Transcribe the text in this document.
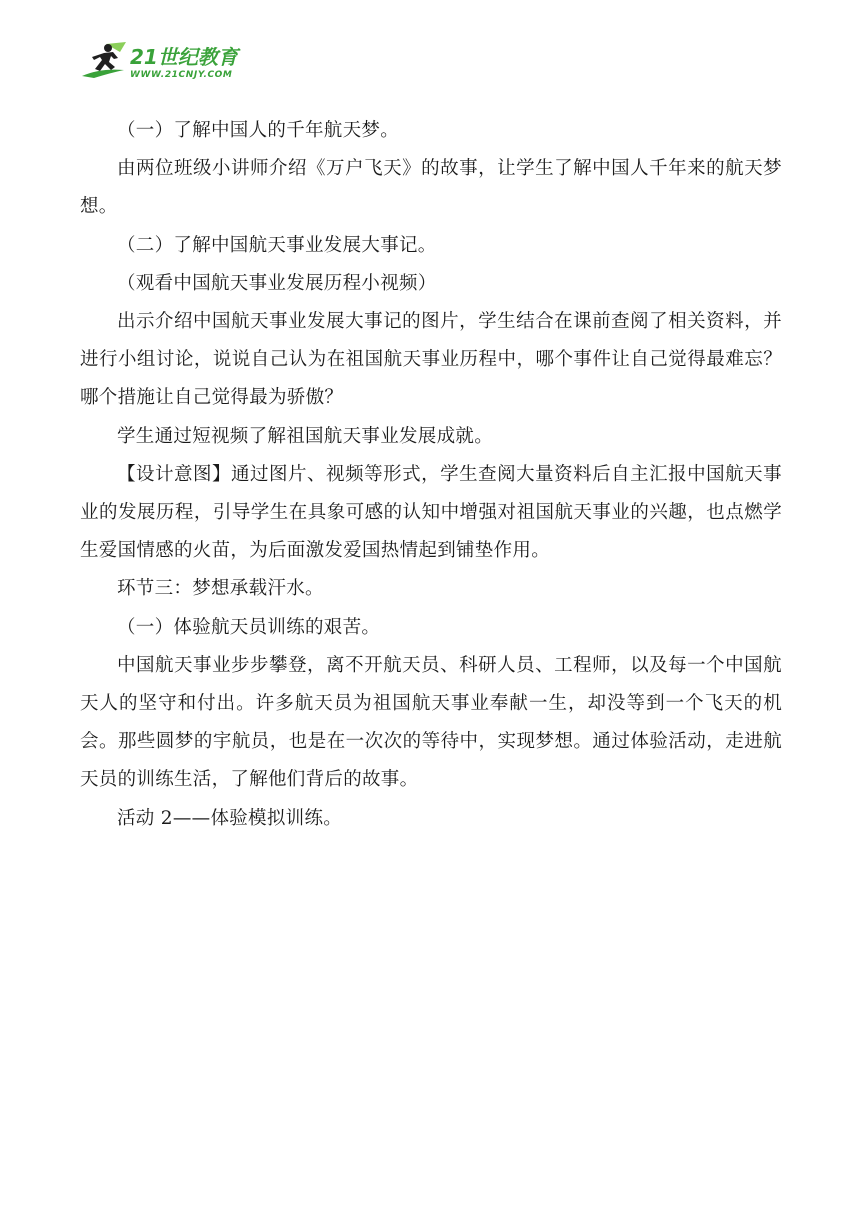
21世纪教育
WWW.21CNJY.COM

（一）了解中国人的千年航天梦。

由两位班级小讲师介绍《万户飞天》的故事，让学生了解中国人千年来的航天梦想。

（二）了解中国航天事业发展大事记。

（观看中国航天事业发展历程小视频）

出示介绍中国航天事业发展大事记的图片，学生结合在课前查阅了相关资料，并进行小组讨论，说说自己认为在祖国航天事业历程中，哪个事件让自己觉得最难忘？哪个措施让自己觉得最为骄傲？

学生通过短视频了解祖国航天事业发展成就。

【设计意图】通过图片、视频等形式，学生查阅大量资料后自主汇报中国航天事业的发展历程，引导学生在具象可感的认知中增强对祖国航天事业的兴趣，也点燃学生爱国情感的火苗，为后面激发爱国热情起到铺垫作用。

环节三：梦想承载汗水。

（一）体验航天员训练的艰苦。

中国航天事业步步攀登，离不开航天员、科研人员、工程师，以及每一个中国航天人的坚守和付出。许多航天员为祖国航天事业奉献一生，却没等到一个飞天的机会。那些圆梦的宇航员，也是在一次次的等待中，实现梦想。通过体验活动，走进航天员的训练生活，了解他们背后的故事。

活动 2——体验模拟训练。
